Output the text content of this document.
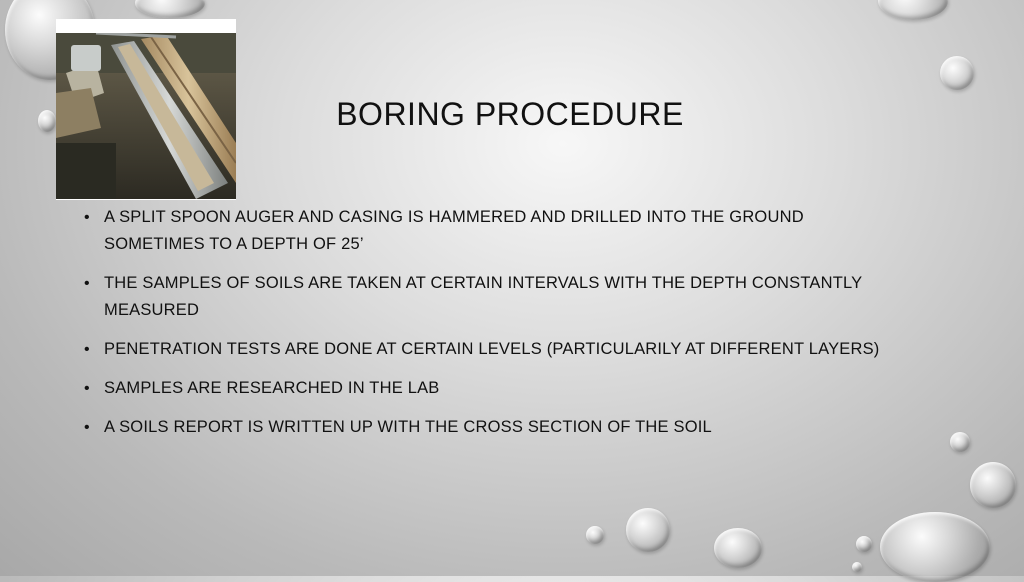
BORING PROCEDURE
• A SPLIT SPOON AUGER AND CASING IS HAMMERED AND DRILLED INTO THE GROUND SOMETIMES TO A DEPTH OF 25’
• THE SAMPLES OF SOILS ARE TAKEN AT CERTAIN INTERVALS WITH THE DEPTH CONSTANTLY MEASURED
• PENETRATION TESTS ARE DONE AT CERTAIN LEVELS (PARTICULARILY AT DIFFERENT LAYERS)
• SAMPLES ARE RESEARCHED IN THE LAB
• A SOILS REPORT IS WRITTEN UP WITH THE CROSS SECTION OF THE SOIL
